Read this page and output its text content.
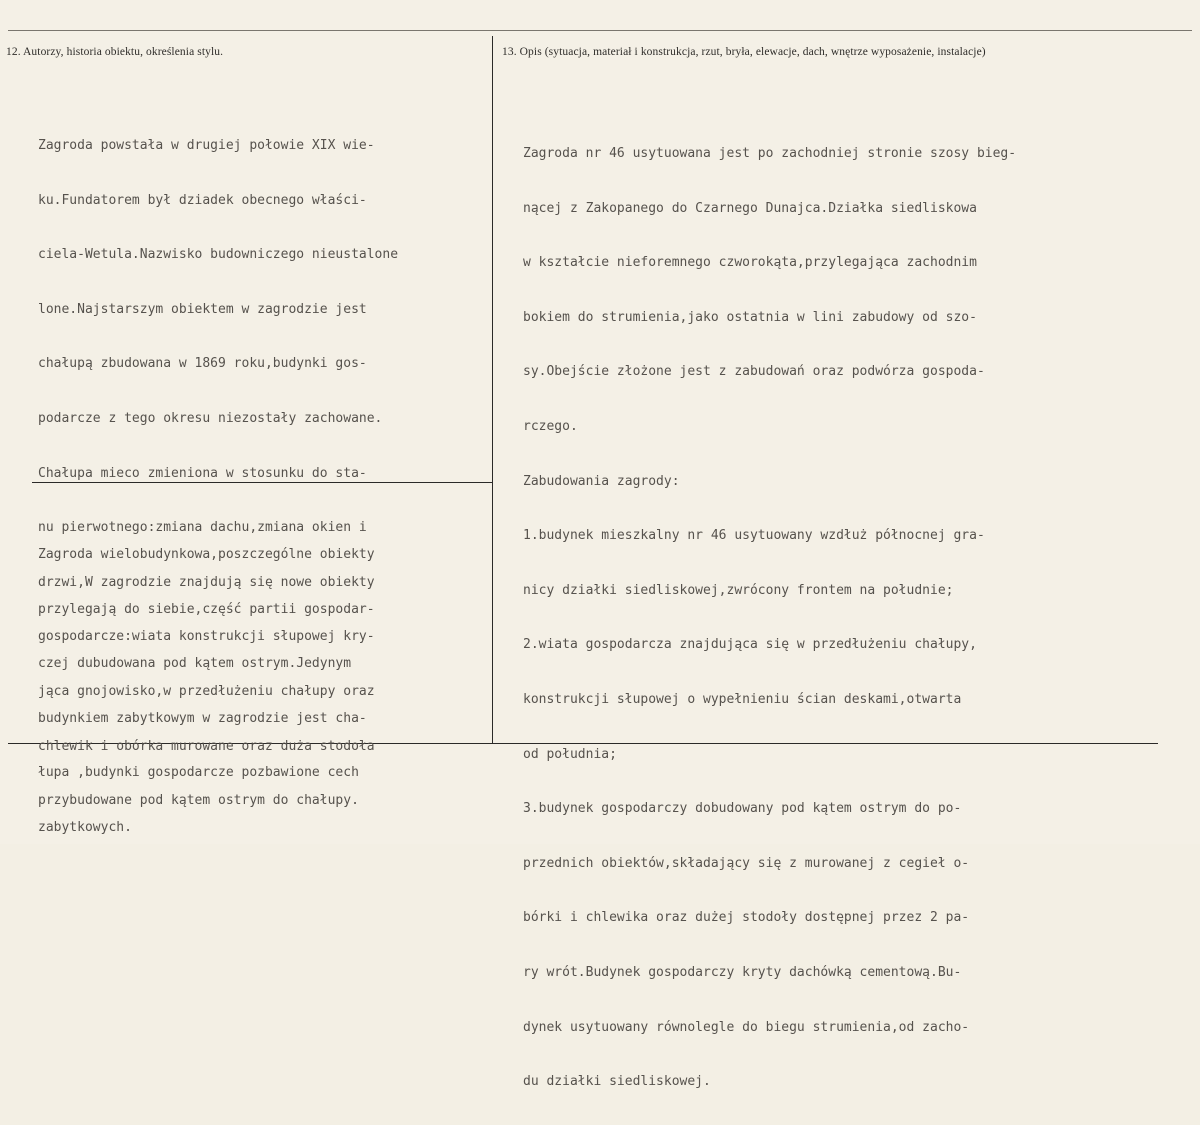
12. Autorzy, historia obiektu, określenia stylu.	13. Opis (sytuacja, materiał i konstrukcja, rzut, bryła, elewacje, dach, wnętrze wyposażenie, instalacje)

Zagroda powstała w drugiej połowie XIX wie-

ku.Fundatorem był dziadek obecnego właści-

ciela-Wetula.Nazwisko budowniczego nieustalone

lone.Najstarszym obiektem w zagrodzie jest

chałupą zbudowana w 1869 roku,budynki gos-

podarcze z tego okresu niezostały zachowane.

Chałupa mieco zmieniona w stosunku do sta-

nu pierwotnego:zmiana dachu,zmiana okien i

drzwi,W zagrodzie znajdują się nowe obiekty

gospodarcze:wiata konstrukcji słupowej kry-

jąca gnojowisko,w przedłużeniu chałupy oraz

chlewik i obórka murowane oraz duża stodoła

przybudowane pod kątem ostrym do chałupy.

Zagroda wielobudynkowa,poszczególne obiekty

przylegają do siebie,część partii gospodar-

czej dubudowana pod kątem ostrym.Jedynym

budynkiem zabytkowym w zagrodzie jest cha-

łupa ,budynki gospodarcze pozbawione cech

zabytkowych.

Zagroda nr 46 usytuowana jest po zachodniej stronie szosy bieg-

nącej z Zakopanego do Czarnego Dunajca.Działka siedliskowa

w kształcie nieforemnego czworokąta,przylegająca zachodnim

bokiem do strumienia,jako ostatnia w lini zabudowy od szo-

sy.Obejście złożone jest z zabudowań oraz podwórza gospoda-

rczego.

Zabudowania zagrody:

1.budynek mieszkalny nr 46 usytuowany wzdłuż północnej gra-

nicy działki siedliskowej,zwrócony frontem na południe;

2.wiata gospodarcza znajdująca się w przedłużeniu chałupy,

konstrukcji słupowej o wypełnieniu ścian deskami,otwarta

od południa;

3.budynek gospodarczy dobudowany pod kątem ostrym do po-

przednich obiektów,składający się z murowanej z cegieł o-

bórki i chlewika oraz dużej stodoły dostępnej przez 2 pa-

ry wrót.Budynek gospodarczy kryty dachówką cementową.Bu-

dynek usytuowany równolegle do biegu strumienia,od zacho-

du działki siedliskowej.
